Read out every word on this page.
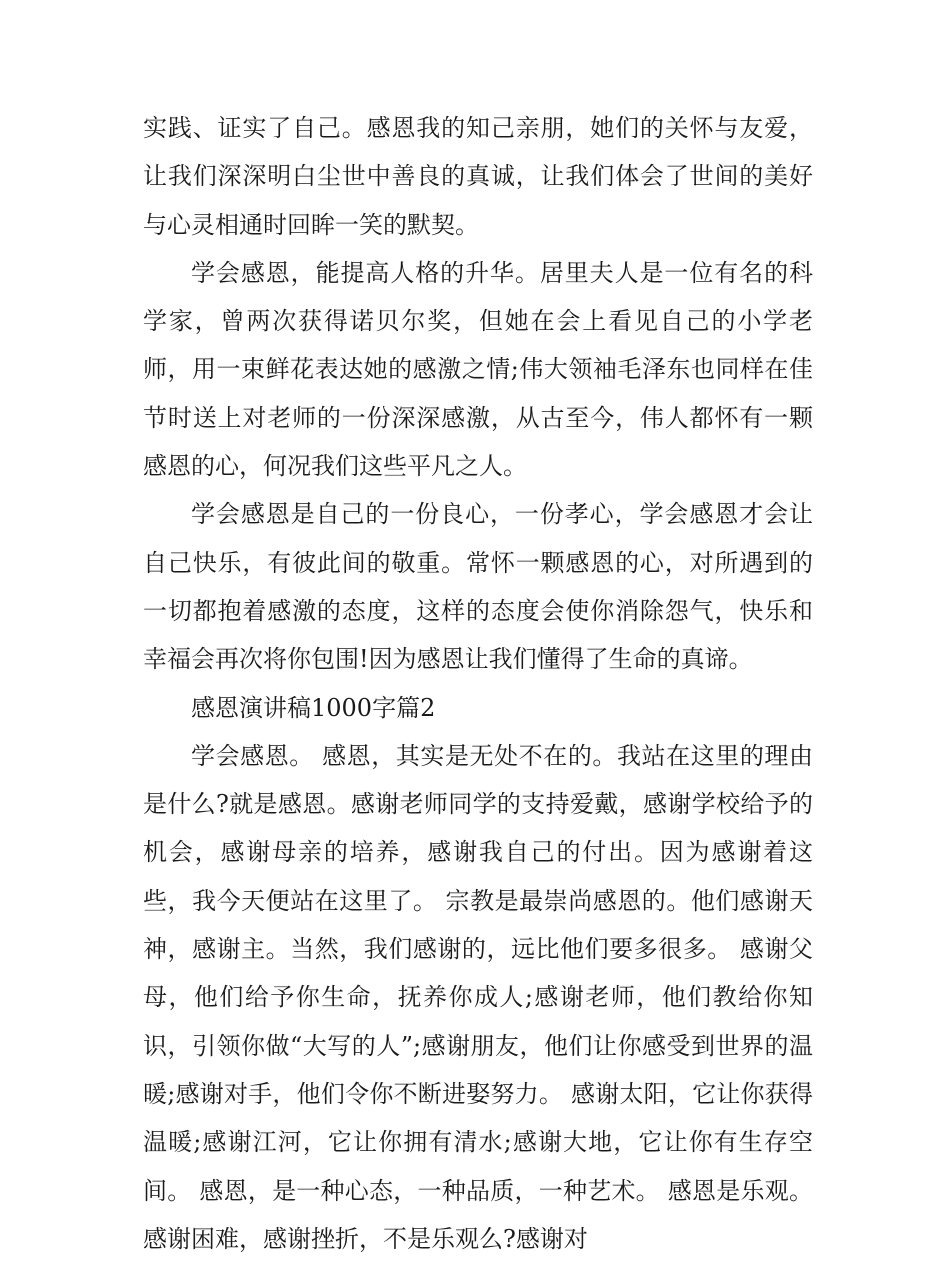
实践、证实了自己。感恩我的知己亲朋，她们的关怀与友爱，让我们深深明白尘世中善良的真诚，让我们体会了世间的美好与心灵相通时回眸一笑的默契。

学会感恩，能提高人格的升华。居里夫人是一位有名的科学家，曾两次获得诺贝尔奖，但她在会上看见自己的小学老师，用一束鲜花表达她的感激之情;伟大领袖毛泽东也同样在佳节时送上对老师的一份深深感激，从古至今，伟人都怀有一颗感恩的心，何况我们这些平凡之人。

学会感恩是自己的一份良心，一份孝心，学会感恩才会让自己快乐，有彼此间的敬重。常怀一颗感恩的心，对所遇到的一切都抱着感激的态度，这样的态度会使你消除怨气，快乐和幸福会再次将你包围!因为感恩让我们懂得了生命的真谛。

感恩演讲稿1000字篇2

学会感恩。 感恩，其实是无处不在的。我站在这里的理由是什么?就是感恩。感谢老师同学的支持爱戴，感谢学校给予的机会，感谢母亲的培养，感谢我自己的付出。因为感谢着这些，我今天便站在这里了。 宗教是最崇尚感恩的。他们感谢天神，感谢主。当然，我们感谢的，远比他们要多很多。 感谢父母，他们给予你生命，抚养你成人;感谢老师，他们教给你知识，引领你做“大写的人”;感谢朋友，他们让你感受到世界的温暖;感谢对手，他们令你不断进娶努力。 感谢太阳，它让你获得温暖;感谢江河，它让你拥有清水;感谢大地，它让你有生存空间。 感恩，是一种心态，一种品质，一种艺术。 感恩是乐观。感谢困难，感谢挫折，不是乐观么?感谢对
